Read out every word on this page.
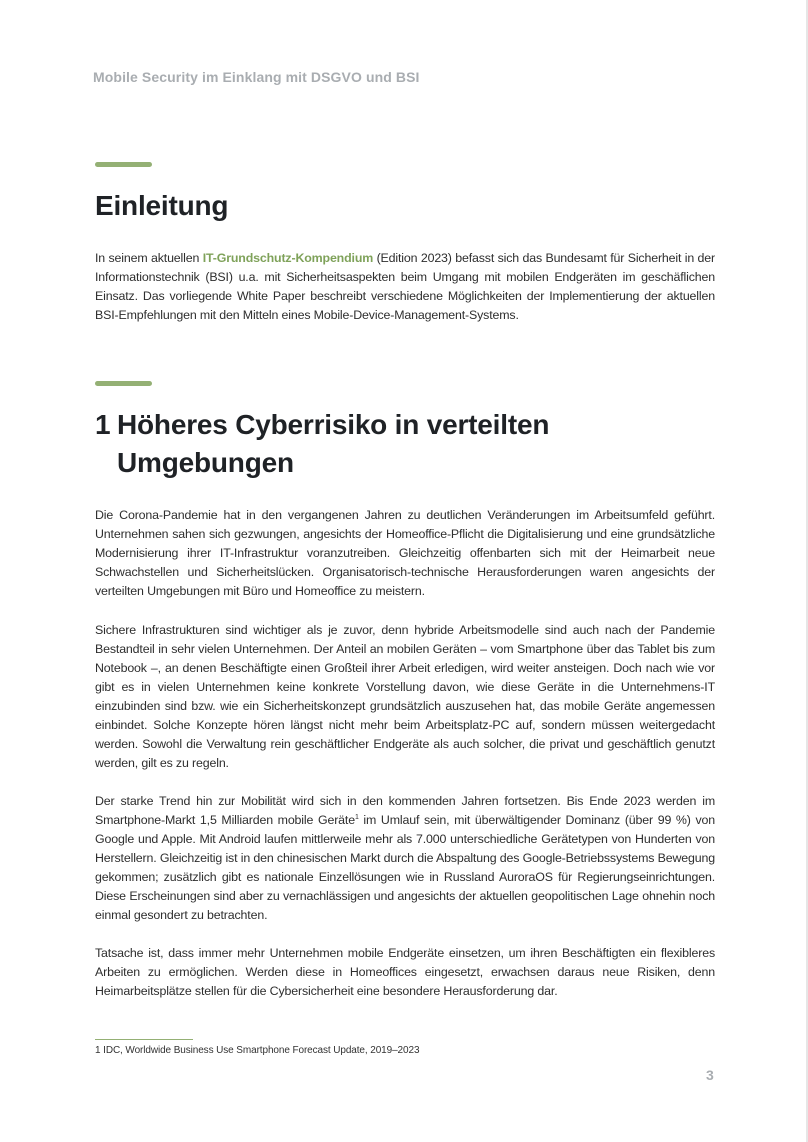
Mobile Security im Einklang mit DSGVO und BSI
Einleitung

In seinem aktuellen IT-Grundschutz-Kompendium (Edition 2023) befasst sich das Bundesamt für Sicherheit in der Informationstechnik (BSI) u.a. mit Sicherheitsaspekten beim Umgang mit mobilen Endgeräten im geschäflichen Einsatz. Das vorliegende White Paper beschreibt verschiedene Möglichkeiten der Implementierung der aktuellen BSI-Empfehlungen mit den Mitteln eines Mobile-Device-Management-Systems.

1 Höheres Cyberrisiko in verteilten
Umgebungen

Die Corona-Pandemie hat in den vergangenen Jahren zu deutlichen Veränderungen im Arbeitsumfeld geführt. Unternehmen sahen sich gezwungen, angesichts der Homeoffice-Pflicht die Digitalisierung und eine grundsätzliche Modernisierung ihrer IT-Infrastruktur voranzutreiben. Gleichzeitig offenbarten sich mit der Heimarbeit neue Schwachstellen und Sicherheitslücken. Organisatorisch-technische Herausforderungen waren angesichts der verteilten Umgebungen mit Büro und Homeoffice zu meistern.

Sichere Infrastrukturen sind wichtiger als je zuvor, denn hybride Arbeitsmodelle sind auch nach der Pandemie Bestandteil in sehr vielen Unternehmen. Der Anteil an mobilen Geräten – vom Smartphone über das Tablet bis zum Notebook –, an denen Beschäftigte einen Großteil ihrer Arbeit erledigen, wird weiter ansteigen. Doch nach wie vor gibt es in vielen Unternehmen keine konkrete Vorstellung davon, wie diese Geräte in die Unternehmens-IT einzubinden sind bzw. wie ein Sicherheitskonzept grundsätzlich auszusehen hat, das mobile Geräte angemessen einbindet. Solche Konzepte hören längst nicht mehr beim Arbeitsplatz-PC auf, sondern müssen weitergedacht werden. Sowohl die Verwaltung rein geschäftlicher Endgeräte als auch solcher, die privat und geschäftlich genutzt werden, gilt es zu regeln.

Der starke Trend hin zur Mobilität wird sich in den kommenden Jahren fortsetzen. Bis Ende 2023 werden im Smartphone-Markt 1,5 Milliarden mobile Geräte$^1$ im Umlauf sein, mit überwältigender Dominanz (über 99 %) von Google und Apple. Mit Android laufen mittlerweile mehr als 7.000 unterschiedliche Gerätetypen von Hunderten von Herstellern. Gleichzeitig ist in den chinesischen Markt durch die Abspaltung des Google-Betriebssystems Bewegung gekommen; zusätzlich gibt es nationale Einzellösungen wie in Russland AuroraOS für Regierungseinrichtungen. Diese Erscheinungen sind aber zu vernachlässigen und angesichts der aktuellen geopolitischen Lage ohnehin noch einmal gesondert zu betrachten.

Tatsache ist, dass immer mehr Unternehmen mobile Endgeräte einsetzen, um ihren Beschäftigten ein flexibleres Arbeiten zu ermöglichen. Werden diese in Homeoffices eingesetzt, erwachsen daraus neue Risiken, denn Heimarbeitsplätze stellen für die Cybersicherheit eine besondere Herausforderung dar.

1 IDC, Worldwide Business Use Smartphone Forecast Update, 2019–2023
3
